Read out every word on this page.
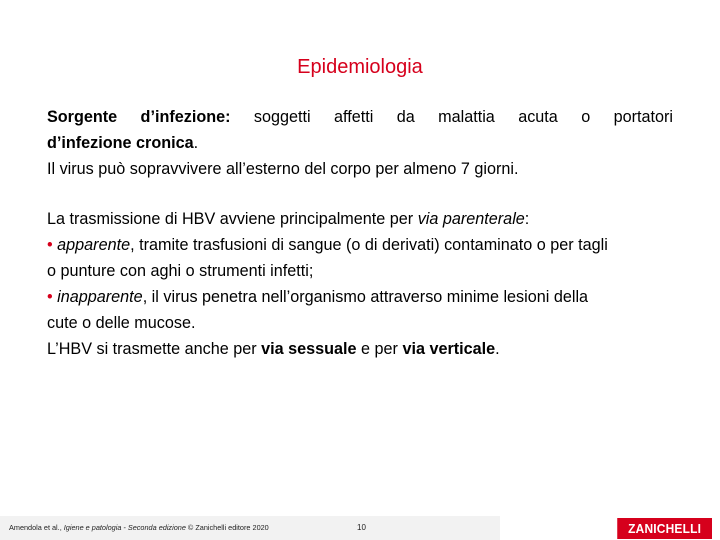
Epidemiologia
Sorgente d’infezione: soggetti affetti da malattia acuta o portatori
d’infezione cronica.
Il virus può sopravvivere all’esterno del corpo per almeno 7 giorni.
La trasmissione di HBV avviene principalmente per via parenterale:
• apparente, tramite trasfusioni di sangue (o di derivati) contaminato o per tagli
o punture con aghi o strumenti infetti;
• inapparente, il virus penetra nell’organismo attraverso minime lesioni della
cute o delle mucose.
L’HBV si trasmette anche per via sessuale e per via verticale.
Amendola et al., Igiene e patologia - Seconda edizione © Zanichelli editore 2020	10	ZANICHELLI
